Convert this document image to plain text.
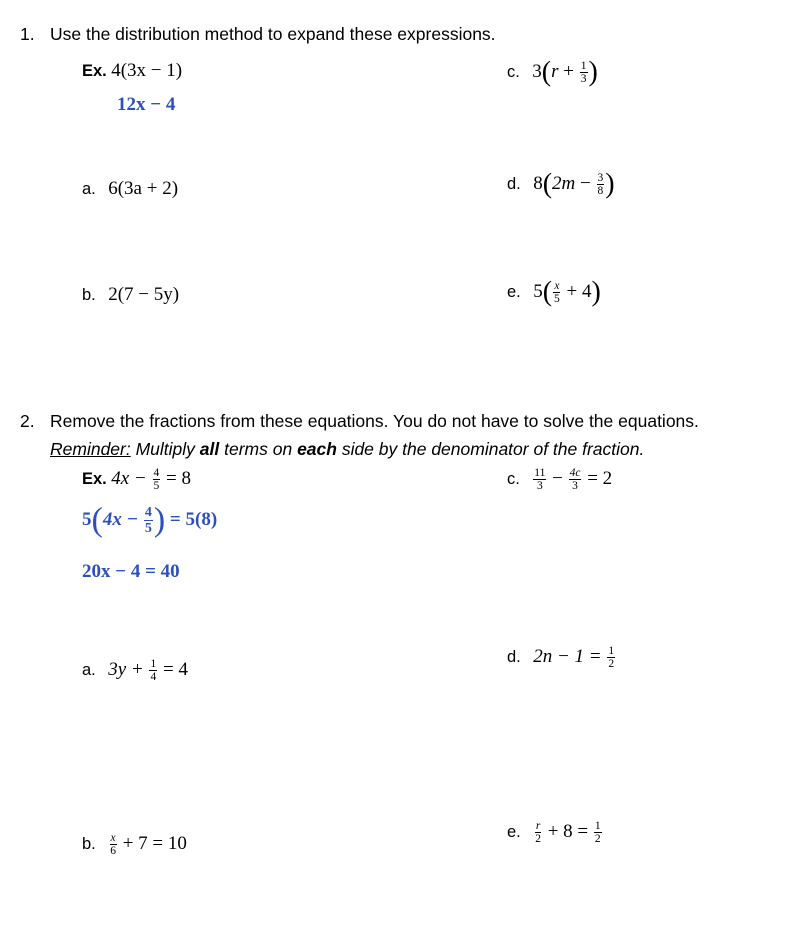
1. Use the distribution method to expand these expressions.
Ex. 4(3x − 1)
12x − 4
a. 6(3a + 2)
b. 2(7 − 5y)
c. $3(r + \frac{1}{3}$ )
d. $8(2m - \frac{3}{8}$ )
e. $5( \frac{x}{5} + 4)$
2. Remove the fractions from these equations. You do not have to solve the equations.
Reminder: Multiply all terms on each side by the denominator of the fraction.
Ex. $4x - \frac{4}{5} = 8$
$5(4x - \frac{4}{5}$ ) = 5(8)
20x − 4 = 40
a. $3y + \frac{1}{4} = 4$
b. $\frac{x}{6} + 7 = 10$
c. $\frac{11}{3} - \frac{4c}{3} = 2$
d. $2n - 1 = \frac{1}{2}$
e. $\frac{r}{2} + 8 = \frac{1}{2}$
